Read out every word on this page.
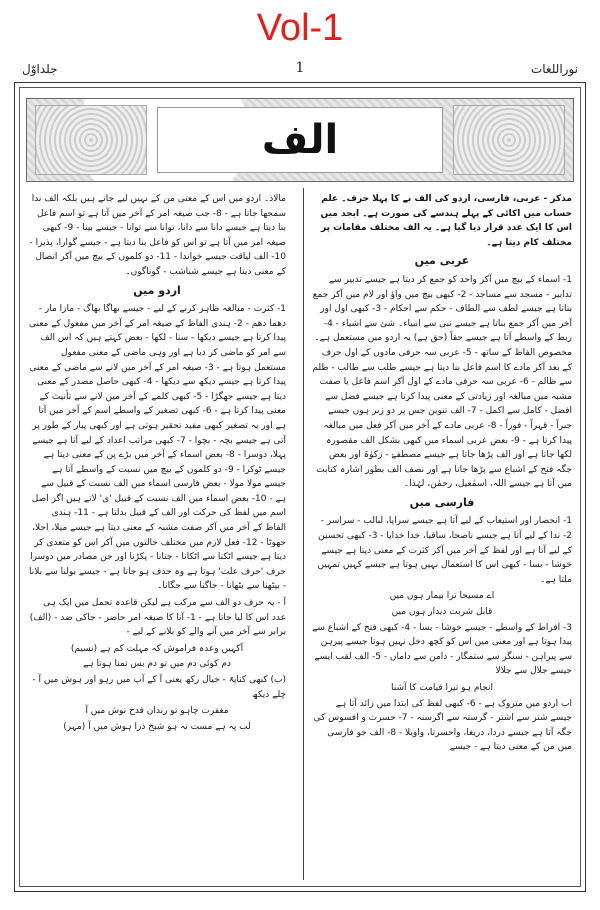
Vol-1
نوراللغات
1
جلداوّل
الف

مذکر - عربی، فارسی، اردو کی الف بے کا پہلا حرف۔ علم حساب میں اکائی کے پہلے ہندسے کی صورت ہے۔ ابجد میں اس کا ایک عدد قرار دیا گیا ہے۔ یہ الف مختلف مقامات پر مختلف کام دیتا ہے۔

عربی میں

1- اسماء کے بیچ میں آکر واحد کو جمع کر دیتا ہے جیسے تدبیر سے تدابیر - مسجد سے مساجد - 2- کبھی بیچ میں واؤ اور لام میں آکر جمع بناتا ہے جیسے لطف سے الطاف - حکم سے احکام - 3- کبھی اول اور آخر میں آکر جمع بناتا ہے جیسے نبی سے انبیاء۔ شئ سے اشیاء - 4- ربط کے واسطے آتا ہے جیسے حقاً (حق ہے) یہ اردو میں مستعمل ہے۔ مخصوص الفاظ کے ساتھ - 5- عربی سہ حرفی مادوں کے اول حرف کے بعد آکر مادے کا اسم فاعل بنا دیتا ہے جیسے طلب سے طالب - ظلم سے ظالم - 6- عربی سہ حرفی مادے کے اول آکر اسم فاعل یا صفت مشبہ میں مبالغہ اور زیادتی کے معنی پیدا کرتا ہے جیسے فضل سے افضل - کامل سے اکمل - 7- الف تنوین جس پر دو زبر ہوں جیسے جبراً - قہراً - فوراً - 8- عربی مادے کے آخر میں آکر فعل میں مبالغہ پیدا کرتا ہے - 9- بعض عربی اسماء میں کبھی بشکل الف مقصورہ لکھا جاتا ہے اور الف پڑھا جاتا ہے جیسے مصطفےٰ - زکوٰۃ اور بعض جگہ فتح کے اشباع سے پڑھا جاتا ہے اور نصف الف بطور اشارہ کتابت میں آتا ہے جیسے اللہ، اسمٰعیل، رحمٰن، لہٰذا۔

فارسی میں

1- انحصار اور استیعاب کے لیے آتا ہے جیسے سراپا، لبالب - سراسر - 2- ندا کے لیے آتا ہے جیسے ناصحا، ساقیا، خدا خدایا - 3- کبھی تحسین کے لیے آتا ہے اور لفظ کے آخر میں آکر کثرت کے معنی دیتا ہے جیسے خوشا - بسا - کبھی اس کا استعمال نہیں ہوتا ہے جیسے کہیں تمہیں ملتا ہے۔

اے مسیحا ترا بیمار ہوں میں

قابل شربت دیدار ہوں میں

3- افراط کے واسطے - جیسے خوشا - بسا - 4- کبھی فتح کے اشباع سے پیدا ہوتا ہے اور معنی میں اس کو کچھ دخل نہیں ہوتا جیسے پیرہن سے پیراہن - سنگر سے ستمگار - دامن سے داماں - 5- الف لقب ایسے جیسے جلال سے جلالا

انجام ہو تیرا قیامت کا آشنا

اب اردو میں متروک ہے - 6- کبھی لفظ کی ابتدا میں زائد آتا ہے جیسے شتر سے اشتر - گرسنہ سے اگرسنہ - 7- حسرت و افسوس کی جگہ آتا ہے جیسے دردا، دریغا، واحسرتا، واویلا - 8- الف جو فارسی میں من کے معنی دیتا ہے - جیسے

مالاذ۔ اردو میں اس کے معنی من کے نہیں لیے جاتے ہیں بلکہ الف ندا سمجھا جاتا ہے - 8- جب صیغہ امر کے آخر میں آتا ہے تو اسم فاعل بنا دیتا ہے جیسے دانا سے دانا، توانا سے توانا - جیسے بینا - 9- کبھی صیغہ امر میں آتا ہے تو اس کو فاعل بنا دیتا ہے - جیسے گوارا، پذیرا - 10- الف لیاقت جیسے خواندا - 11- دو کلموں کے بیچ میں آکر اتصال کے معنی دیتا ہے جیسے شباشب - گوناگوں۔

اردو میں

1- کثرت - مبالغہ ظاہر کرنے کے لیے - جیسے بھاگا بھاگ - مارا مار - دھما دھم - 2- ہندی الفاظ کے صیغہ امر کے آخر میں مفعول کے معنی پیدا کرتا ہے جیسے دیکھا - سنا - لکھا - بعض کہتے ہیں کہ اس الف سے امر کو ماضی کر دیا ہے اور وہی ماضی کے معنی مفعول مستعمل ہوتا ہے - 3- صیغہ امر کے آخر میں لانے سے ماضی کے معنی پیدا کرتا ہے جیسے دیکھ سے دیکھا - 4- کبھی حاصل مصدر کے معنی دیتا ہے جیسے جھگڑا - 5- کبھی کلمے کے آخر میں لانے سے تأنیث کے معنی پیدا کرتا ہے - 6- کبھی تصغیر کے واسطے اسم کے آخر میں آتا ہے اور یہ تصغیر کبھی مفید تحقیر ہوتی ہے اور کبھی پیار کے طور پر آتی ہے جیسے بچہ - بچوا - 7- کبھی مراتب اعداد کے لیے آتا ہے جیسے پہلا، دوسرا - 8- بعض اسماء کے آخر میں بڑے پن کے معنی دیتا ہے جیسے ٹوکرا - 9- دو کلموں کے بیچ میں نسبت کے واسطے آتا ہے جیسے مولا مولا - بعض فارسی اسماء میں الف نسبت کے قبیل سے ہے - 10- بعض اسماء میں الف نسبت کے قبیل 'ی' لاتے ہیں اگر اصل اسم میں لفظ کی حرکت اور الف کے قبیل بدلتا ہے - 11- ہندی الفاظ کے آخر میں آکر صفت مشبہ کے معنی دیتا ہے جیسے میلا، اجلا، جھوٹا - 12- فعل لازم میں مختلف حالتوں میں آکر اس کو متعدی کر دیتا ہے جیسے اٹکنا سے اٹکانا - جتانا - پکڑنا اور جن مصادر میں دوسرا حرف 'حرف علت' ہوتا ہے وہ حذف ہو جاتا ہے - جیسے بولنا سے بلانا - بیٹھنا سے بٹھانا - جاگنا سے جگانا۔

آ - یہ حرف دو الف سے مرکب ہے لیکن قاعدہ تحمل میں ایک ہی عدد اس کا لیا جاتا ہے - 1- آنا کا صیغہ امر حاضر - جاکی ضد - (الف) برابر سے آخر میں آنے والے کو بلانے کے لیے -

آکہیں وعدہ فراموش کہ مہلت کم ہے (نسیم)

دم کوئی دم میں تو دم بس تمنا ہوتا ہے

(ب) کبھی کنایۃً - خیال رکھ یعنی آ کے آپ میں رہو اور ہوش میں آ - چلے دیکھ

مغفرت چاہو تو رندان قدح نوش میں آ

لب پہ ہے مست نہ ہو شیخ ذرا ہوش میں آ (مہر)
